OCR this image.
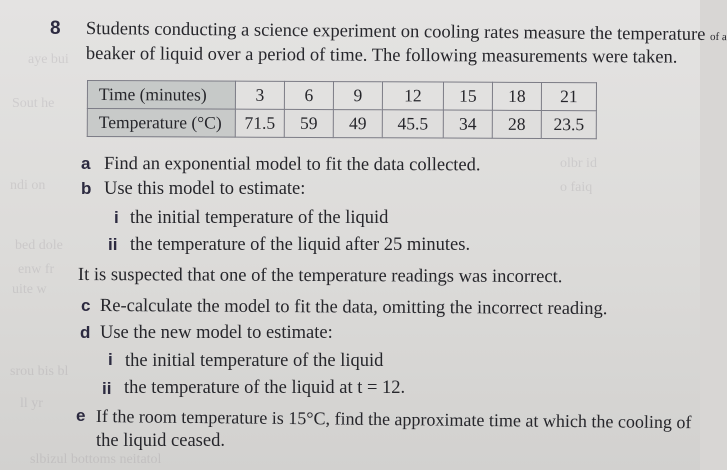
aye bui
Sout he
ndi on
bed dole
enw fr
uite w
srou bis bl
ll yr
slbizul bottoms neitatol
olbr id
o faiq
8 Students conducting a science experiment on cooling rates measure the temperature of a
beaker of liquid over a period of time. The following measurements were taken.
Time (minutes)	3	6	9	12	15	18	21
Temperature (°C)	71.5	59	49	45.5	34	28	23.5
a Find an exponential model to fit the data collected.
b Use this model to estimate:
i the initial temperature of the liquid
ii the temperature of the liquid after 25 minutes.
It is suspected that one of the temperature readings was incorrect.
c Re-calculate the model to fit the data, omitting the incorrect reading.
d Use the new model to estimate:
i the initial temperature of the liquid
ii the temperature of the liquid at t = 12.
e If the room temperature is 15°C, find the approximate time at which the cooling of
the liquid ceased.
